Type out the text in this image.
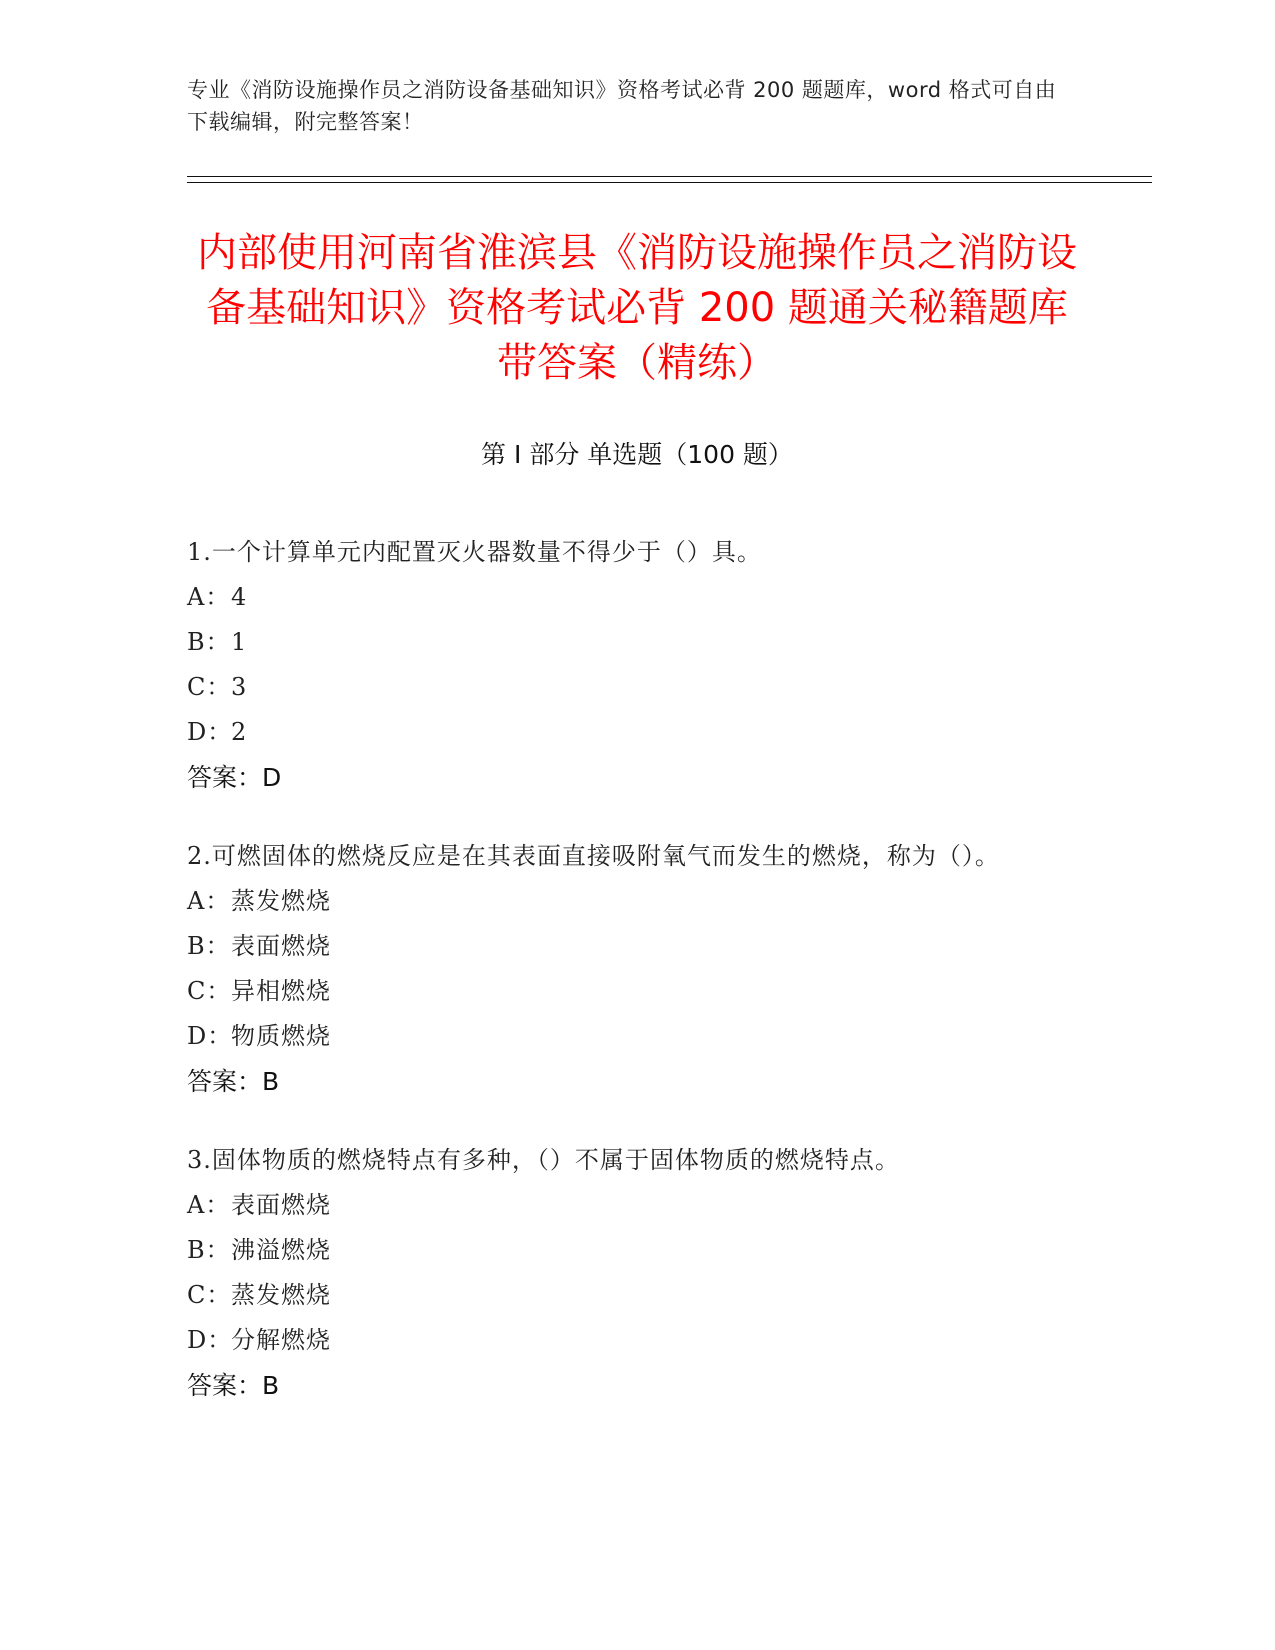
专业《消防设施操作员之消防设备基础知识》资格考试必背 200 题题库，word 格式可自由下载编辑，附完整答案！
内部使用河南省淮滨县《消防设施操作员之消防设备基础知识》资格考试必背 200 题通关秘籍题库带答案（精练）
第 I 部分 单选题（100 题）
1.一个计算单元内配置灭火器数量不得少于（）具。
A：4
B：1
C：3
D：2
答案：D
2.可燃固体的燃烧反应是在其表面直接吸附氧气而发生的燃烧，称为（）。
A：蒸发燃烧
B：表面燃烧
C：异相燃烧
D：物质燃烧
答案：B
3.固体物质的燃烧特点有多种，（）不属于固体物质的燃烧特点。
A：表面燃烧
B：沸溢燃烧
C：蒸发燃烧
D：分解燃烧
答案：B
